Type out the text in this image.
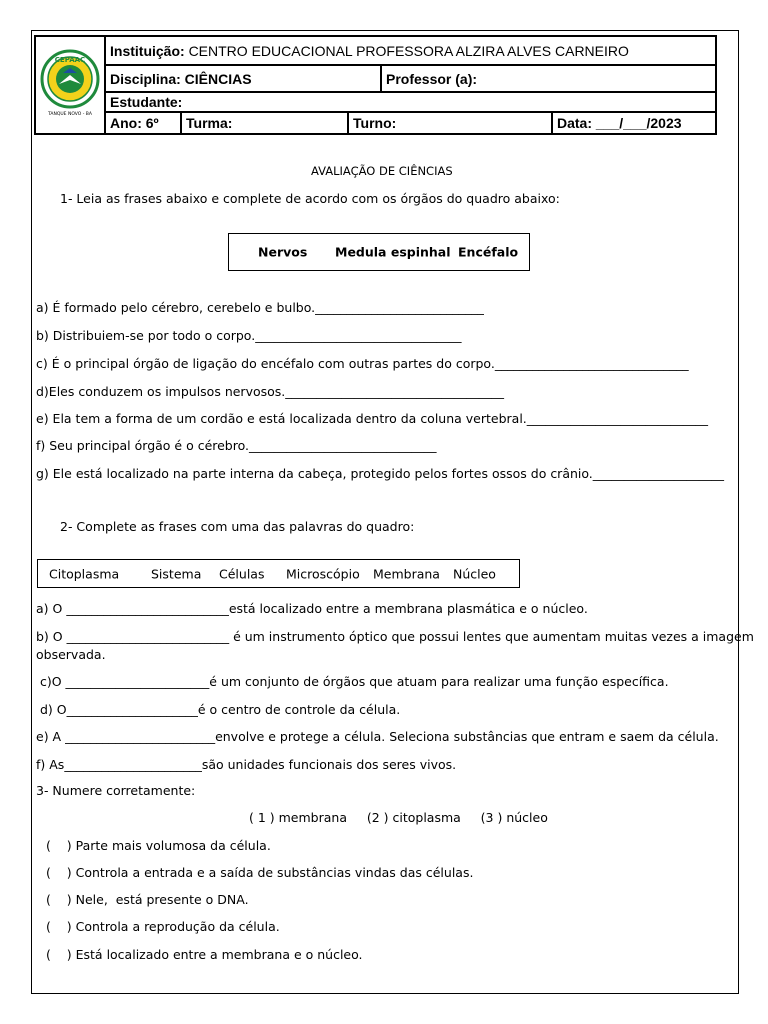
CEPAAC
TANQUE NOVO - BA	Instituição: CENTRO EDUCACIONAL PROFESSORA ALZIRA ALVES CARNEIRO				
	Disciplina: CIÊNCIAS			Professor (a):	
	Estudante:				
	Ano: 6º	Turma:	Turno:		Data: ___/___/2023
AVALIAÇÃO DE CIÊNCIAS
1- Leia as frases abaixo e complete de acordo com os órgãos do quadro abaixo:
Nervos Medula espinhal Encéfalo
a) É formado pelo cérebro, cerebelo e bulbo.___________________________
b) Distribuiem-se por todo o corpo._________________________________
c) É o principal órgão de ligação do encéfalo com outras partes do corpo._______________________________
d)Eles conduzem os impulsos nervosos.___________________________________
e) Ela tem a forma de um cordão e está localizada dentro da coluna vertebral._____________________________
f) Seu principal órgão é o cérebro.______________________________
g) Ele está localizado na parte interna da cabeça, protegido pelos fortes ossos do crânio._____________________
2- Complete as frases com uma das palavras do quadro:
Citoplasma	Sistema Células Microscópio Membrana Núcleo
a) O __________________________está localizado entre a membrana plasmática e o núcleo.
b) O __________________________ é um instrumento óptico que possui lentes que aumentam muitas vezes a imagem
observada.
c)O _______________________é um conjunto de órgãos que atuam para realizar uma função específica.
d) O_____________________é o centro de controle da célula.
e) A ________________________envolve e protege a célula. Seleciona substâncias que entram e saem da célula.
f) As______________________são unidades funcionais dos seres vivos.
3- Numere corretamente:
( 1 ) membrana     (2 ) citoplasma     (3 ) núcleo
(    ) Parte mais volumosa da célula.
(    ) Controla a entrada e a saída de substâncias vindas das células.
(    ) Nele,  está presente o DNA.
(    ) Controla a reprodução da célula.
(    ) Está localizado entre a membrana e o núcleo.
